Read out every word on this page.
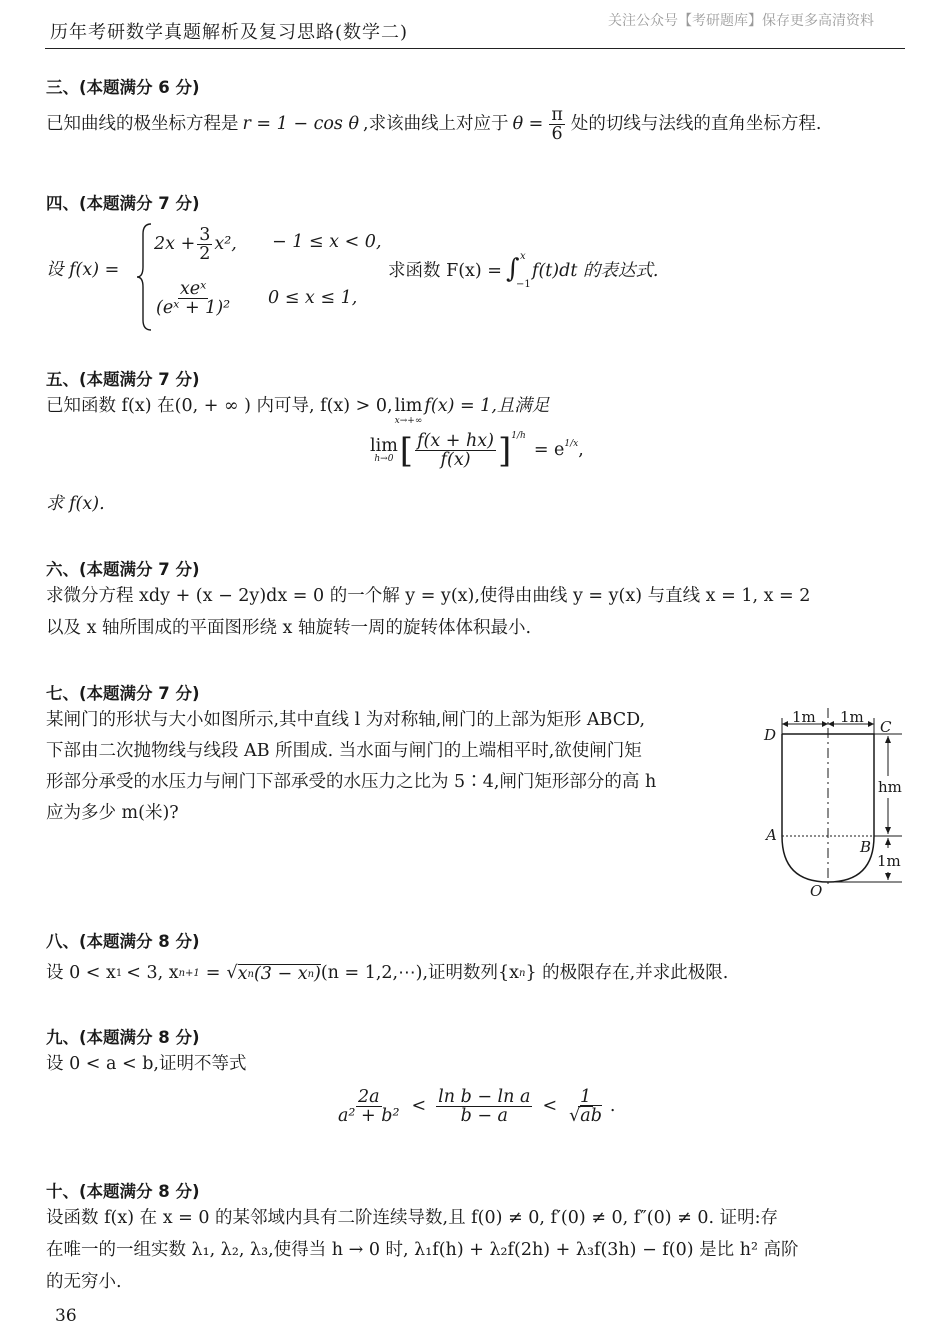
历年考研数学真题解析及复习思路(数学二)
关注公众号【考研题库】保存更多高清资料
三、(本题满分 6 分)
已知曲线的极坐标方程是 r = 1 − cos θ ,求该曲线上对应于 $\theta = \frac{\pi}{6}$ 处的切线与法线的直角坐标方程.
四、(本题满分 7 分)
设 f(x) =
$2x + \frac{3}{2} x^2$, − 1 ≤ x < 0,
$\frac{\text{xeˣ}}{\text{(eˣ + 1)²}} 0 \le x \le 1$,
求函数 F(x) = ∫ x
−1
f(t)dt 的表达式.
五、(本题满分 7 分)
已知函数 f(x) 在(0, + ∞ ) 内可导, f(x) > 0, lim
x→+∞
f(x) = 1,且满足
lim
h→0 [ $\frac{f(x + hx)}{f(x)}$ ] 1/h
= e 1/x ,
求 f(x).
六、(本题满分 7 分)
求微分方程 xdy + (x − 2y)dx = 0 的一个解 y = y(x),使得由曲线 y = y(x) 与直线 x = 1, x = 2
以及 x 轴所围成的平面图形绕 x 轴旋转一周的旋转体体积最小.
七、(本题满分 7 分)
某闸门的形状与大小如图所示,其中直线 l 为对称轴,闸门的上部为矩形 ABCD,
下部由二次抛物线与线段 AB 所围成. 当水面与闸门的上端相平时,欲使闸门矩
形部分承受的水压力与闸门下部承受的水压力之比为 5∶4,闸门矩形部分的高 h
应为多少 m(米)?
1m 1m
C
D
hm
A
B
1m
O
八、(本题满分 8 分)
设 0 < x 1 < 3, x n+1 = √ x n (3 − x n ) (n = 1,2,⋯),证明数列{x n } 的极限存在,并求此极限.
九、(本题满分 8 分)
设 0 < a < b,证明不等式
$\frac{2a}{\text{a² + b²}} < \frac{\text{ln b − ln a}}{b - a} < \frac{1}{√ab}$ .
十、(本题满分 8 分)
设函数 f(x) 在 x = 0 的某邻域内具有二阶连续导数,且 f(0) ≠ 0, f′(0) ≠ 0, f″(0) ≠ 0. 证明:存
在唯一的一组实数 λ₁, λ₂, λ₃,使得当 h → 0 时, λ₁f(h) + λ₂f(2h) + λ₃f(3h) − f(0) 是比 h² 高阶
的无穷小.
36
